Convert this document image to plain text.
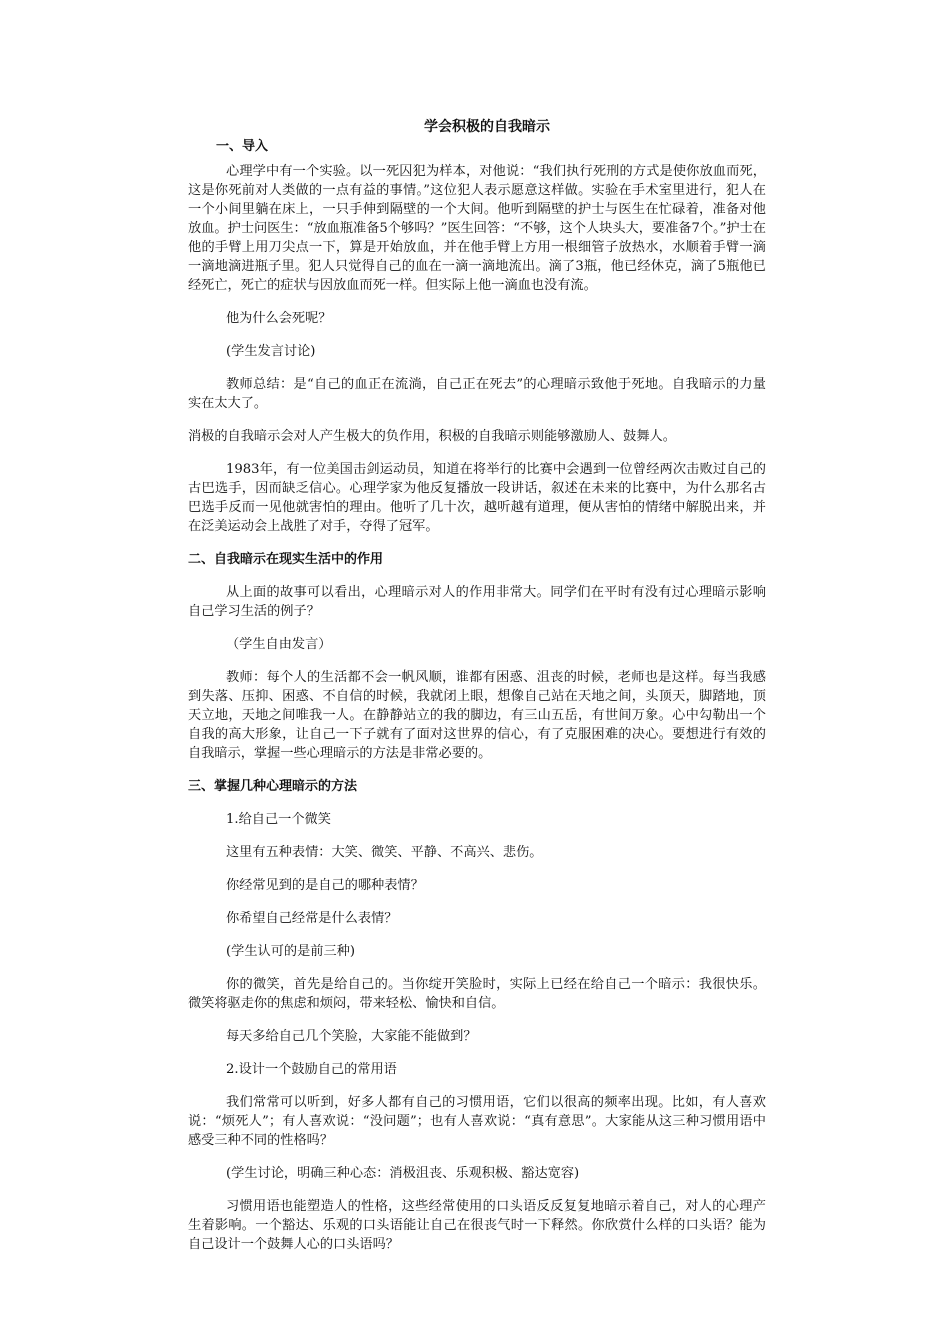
学会积极的自我暗示

一、导入

心理学中有一个实验。以一死囚犯为样本，对他说：“我们执行死刑的方式是使你放血而死，这是你死前对人类做的一点有益的事情。”这位犯人表示愿意这样做。实验在手术室里进行，犯人在一个小间里躺在床上，一只手伸到隔壁的一个大间。他听到隔壁的护士与医生在忙碌着，准备对他放血。护士问医生：“放血瓶准备5个够吗？”医生回答：“不够，这个人块头大，要准备7个。”护士在他的手臂上用刀尖点一下，算是开始放血，并在他手臂上方用一根细管子放热水，水顺着手臂一滴一滴地滴进瓶子里。犯人只觉得自己的血在一滴一滴地流出。滴了3瓶，他已经休克，滴了5瓶他已经死亡，死亡的症状与因放血而死一样。但实际上他一滴血也没有流。

他为什么会死呢？

(学生发言讨论)

教师总结：是“自己的血正在流淌，自己正在死去”的心理暗示致他于死地。自我暗示的力量实在太大了。

消极的自我暗示会对人产生极大的负作用，积极的自我暗示则能够激励人、鼓舞人。

1983年，有一位美国击剑运动员，知道在将举行的比赛中会遇到一位曾经两次击败过自己的古巴选手，因而缺乏信心。心理学家为他反复播放一段讲话，叙述在未来的比赛中，为什么那名古巴选手反而一见他就害怕的理由。他听了几十次，越听越有道理，便从害怕的情绪中解脱出来，并在泛美运动会上战胜了对手，夺得了冠军。

二、自我暗示在现实生活中的作用

从上面的故事可以看出，心理暗示对人的作用非常大。同学们在平时有没有过心理暗示影响自己学习生活的例子？

（学生自由发言）

教师：每个人的生活都不会一帆风顺，谁都有困惑、沮丧的时候，老师也是这样。每当我感到失落、压抑、困惑、不自信的时候，我就闭上眼，想像自己站在天地之间，头顶天，脚踏地，顶天立地，天地之间唯我一人。在静静站立的我的脚边，有三山五岳，有世间万象。心中勾勒出一个自我的高大形象，让自己一下子就有了面对这世界的信心，有了克服困难的决心。要想进行有效的自我暗示，掌握一些心理暗示的方法是非常必要的。

三、掌握几种心理暗示的方法

1.给自己一个微笑

这里有五种表情：大笑、微笑、平静、不高兴、悲伤。

你经常见到的是自己的哪种表情？

你希望自己经常是什么表情？

(学生认可的是前三种)

你的微笑，首先是给自己的。当你绽开笑脸时，实际上已经在给自己一个暗示：我很快乐。微笑将驱走你的焦虑和烦闷，带来轻松、愉快和自信。

每天多给自己几个笑脸，大家能不能做到？

2.设计一个鼓励自己的常用语

我们常常可以听到，好多人都有自己的习惯用语，它们以很高的频率出现。比如，有人喜欢说：“烦死人”；有人喜欢说：“没问题”；也有人喜欢说：“真有意思”。大家能从这三种习惯用语中感受三种不同的性格吗？

(学生讨论，明确三种心态：消极沮丧、乐观积极、豁达宽容)

习惯用语也能塑造人的性格，这些经常使用的口头语反反复复地暗示着自己，对人的心理产生着影响。一个豁达、乐观的口头语能让自己在很丧气时一下释然。你欣赏什么样的口头语？能为自己设计一个鼓舞人心的口头语吗？
